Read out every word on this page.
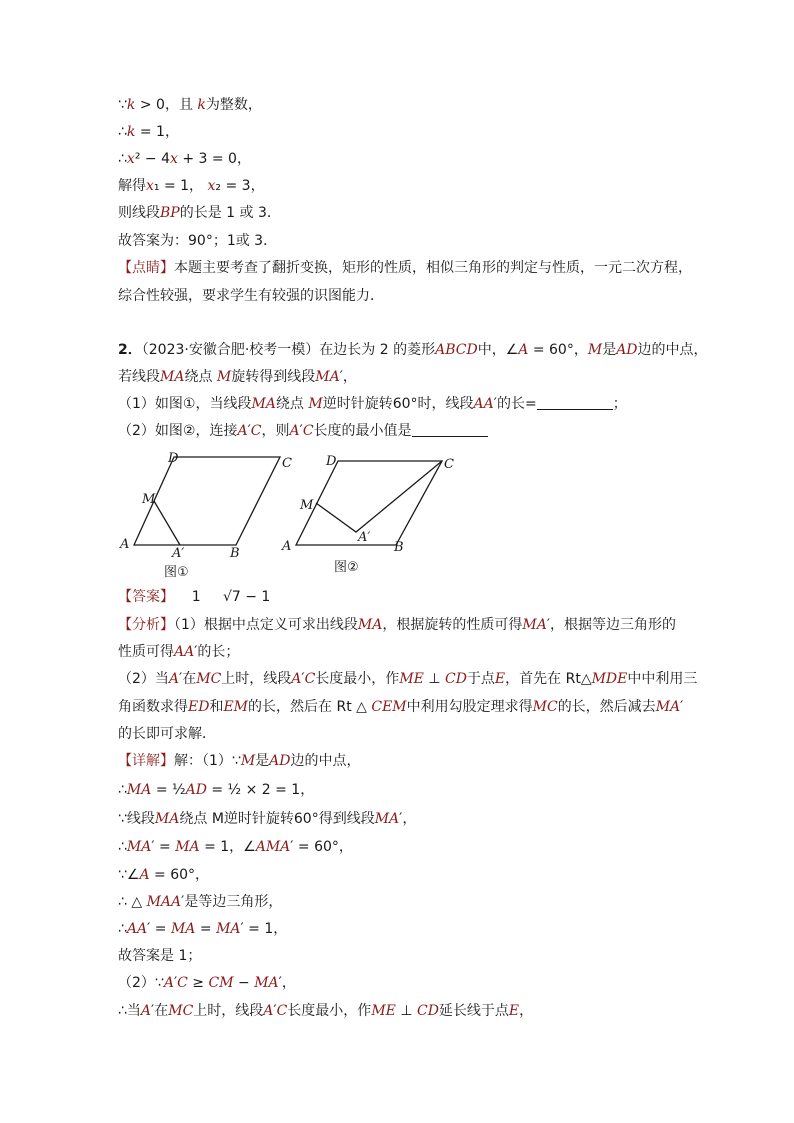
∵k > 0，且 k为整数，
∴k = 1，
∴x² − 4x + 3 = 0，
解得x₁ = 1， x₂ = 3，
则线段BP的长是 1 或 3．
故答案为：90°；1或 3．
【点睛】本题主要考查了翻折变换，矩形的性质，相似三角形的判定与性质，一元二次方程，
综合性较强，要求学生有较强的识图能力．
2．（2023·安徽合肥·校考一模）在边长为 2 的菱形ABCD中，∠A = 60°，M是AD边的中点，
若线段MA绕点 M旋转得到线段MA′，
（1）如图①，当线段MA绕点 M逆时针旋转60°时，线段AA′的长=	；
（2）如图②，连接A′C，则A′C长度的最小值是
D	C
M
A
A′	B
图①
D	C
M
A
A′
B
图②
【答案】    1     √7 − 1
【分析】（1）根据中点定义可求出线段MA，根据旋转的性质可得MA′，根据等边三角形的
性质可得AA′的长；
（2）当A′在MC上时，线段A′C长度最小，作ME ⊥ CD于点E，首先在 Rt△MDE中中利用三
角函数求得ED和EM的长，然后在 Rt △ CEM中利用勾股定理求得MC的长，然后减去MA′
的长即可求解．
【详解】解：（1）∵M是AD边的中点，
∴MA = ½AD = ½ × 2 = 1，
∵线段MA绕点 M逆时针旋转60°得到线段MA′，
∴MA′ = MA = 1，∠AMA′ = 60°，
∵∠A = 60°，
∴ △ MAA′是等边三角形，
∴AA′ = MA = MA′ = 1，
故答案是 1；
（2）∵A′C ≥ CM − MA′，
∴当A′在MC上时，线段A′C长度最小，作ME ⊥ CD延长线于点E，
